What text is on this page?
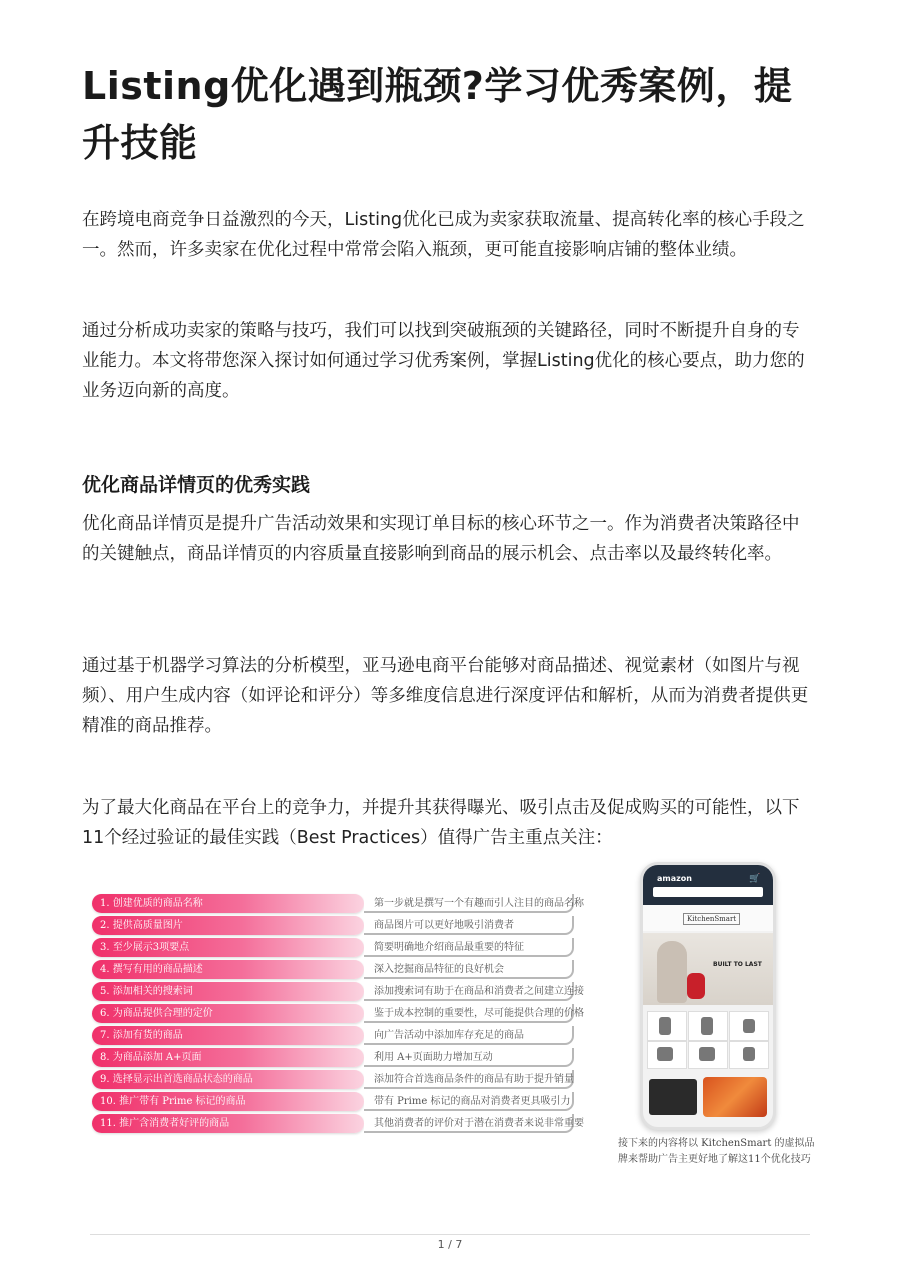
Listing优化遇到瓶颈?学习优秀案例，提升技能

在跨境电商竞争日益激烈的今天，Listing优化已成为卖家获取流量、提高转化率的核心手段之一。然而，许多卖家在优化过程中常常会陷入瓶颈，更可能直接影响店铺的整体业绩。

通过分析成功卖家的策略与技巧，我们可以找到突破瓶颈的关键路径，同时不断提升自身的专业能力。本文将带您深入探讨如何通过学习优秀案例，掌握Listing优化的核心要点，助力您的业务迈向新的高度。

优化商品详情页的优秀实践

优化商品详情页是提升广告活动效果和实现订单目标的核心环节之一。作为消费者决策路径中的关键触点，商品详情页的内容质量直接影响到商品的展示机会、点击率以及最终转化率。

通过基于机器学习算法的分析模型，亚马逊电商平台能够对商品描述、视觉素材（如图片与视频）、用户生成内容（如评论和评分）等多维度信息进行深度评估和解析，从而为消费者提供更精准的商品推荐。

为了最大化商品在平台上的竞争力，并提升其获得曝光、吸引点击及促成购买的可能性，以下11个经过验证的最佳实践（Best Practices）值得广告主重点关注：

1. 创建优质的商品名称	第一步就是撰写一个有趣而引人注目的商品名称
2. 提供高质量图片	商品图片可以更好地吸引消费者
3. 至少展示3项要点	简要明确地介绍商品最重要的特征
4. 撰写有用的商品描述	深入挖掘商品特征的良好机会
5. 添加相关的搜索词	添加搜索词有助于在商品和消费者之间建立连接
6. 为商品提供合理的定价	鉴于成本控制的重要性，尽可能提供合理的价格
7. 添加有货的商品	向广告活动中添加库存充足的商品
8. 为商品添加 A+页面	利用 A+页面助力增加互动
9. 选择显示出首选商品状态的商品	添加符合首选商品条件的商品有助于提升销量
10. 推广带有 Prime 标记的商品	带有 Prime 标记的商品对消费者更具吸引力
11. 推广含消费者好评的商品	其他消费者的评价对于潜在消费者来说非常重要
amazon	🛒
KitchenSmart
BUILT TO LAST
接下来的内容将以 KitchenSmart 的虚拟品牌来帮助广告主更好地了解这11个优化技巧
1 / 7
